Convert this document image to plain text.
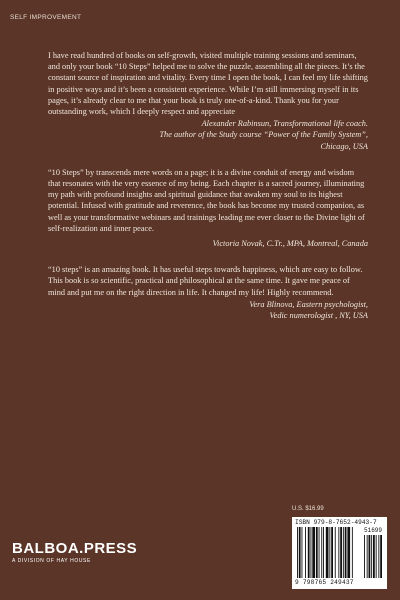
SELF IMPROVEMENT

I have read hundred of books on self-growth, visited multiple training sessions and seminars, and only your book “10 Steps” helped me to solve the puzzle, assembling all the pieces. It’s the constant source of inspiration and vitality. Every time I open the book, I can feel my life shifting in positive ways and it’s been a consistent experience. While I’m still immersing myself in its pages, it’s already clear to me that your book is truly one-of-a-kind. Thank you for your outstanding work, which I deeply respect and appreciate

Alexander Rabinsun, Transformational life coach.
The author of the Study course “Power of the Family System”,
Chicago, USA

“10 Steps” by transcends mere words on a page; it is a divine conduit of energy and wisdom that resonates with the very essence of my being. Each chapter is a sacred journey, illuminating my path with profound insights and spiritual guidance that awaken my soul to its highest potential. Infused with gratitude and reverence, the book has become my trusted companion, as well as your transformative webinars and trainings leading me ever closer to the Divine light of self-realization and inner peace.

Victoria Novak, C.Tr., MPA, Montreal, Canada

“10 steps” is an amazing book. It has useful steps towards happiness, which are easy to follow. This book is so scientific, practical and philosophical at the same time. It gave me peace of mind and put me on the right direction in life. It changed my life! Highly recommend.

Vera Blinova, Eastern psychologist,
Vedic numerologist , NY, USA
U.S. $16.99
ISBN 979-8-7652-4943-7
51699
9 798765 249437
BALBOA.PRESS
A DIVISION OF HAY HOUSE
